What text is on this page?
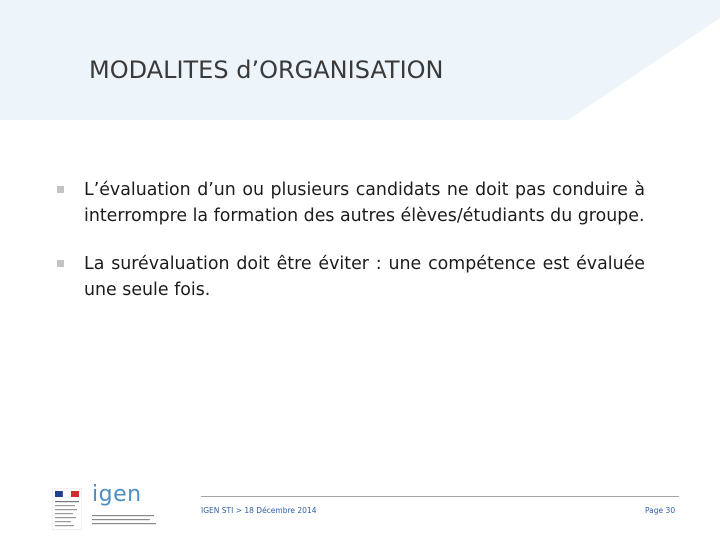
MODALITES d’ORGANISATION
L’évaluation d’un ou plusieurs candidats ne doit pas conduire à interrompre la formation des autres élèves/étudiants du groupe.
La surévaluation doit être éviter : une compétence est évaluée une seule fois.
igen
IGEN STI > 18 Décembre 2014	Page 30
